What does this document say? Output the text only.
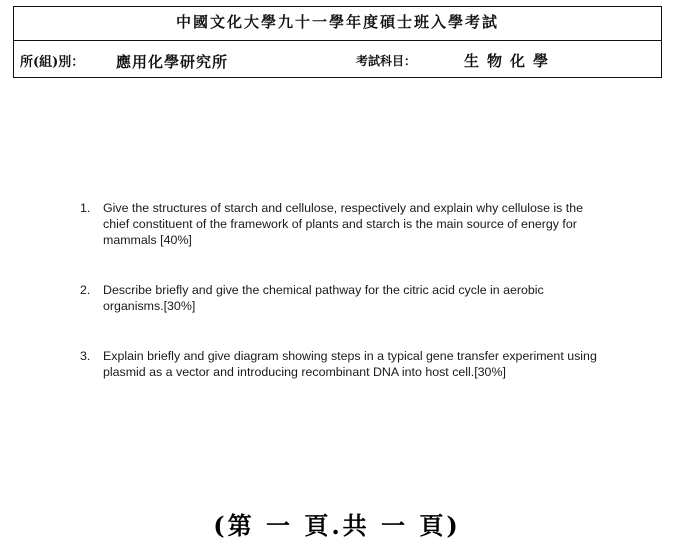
中國文化大學九十一學年度碩士班入學考試
所(組)別： 應用化學研究所	考試科目：	生物化學
1. Give the structures of starch and cellulose, respectively and explain why cellulose is the chief constituent of the framework of plants and starch is the main source of energy for mammals [40%]
2. Describe briefly and give the chemical pathway for the citric acid cycle in aerobic organisms.[30%]
3. Explain briefly and give diagram showing steps in a typical gene transfer experiment using plasmid as a vector and introducing recombinant DNA into host cell.[30%]
(第 一 頁.共 一 頁)
